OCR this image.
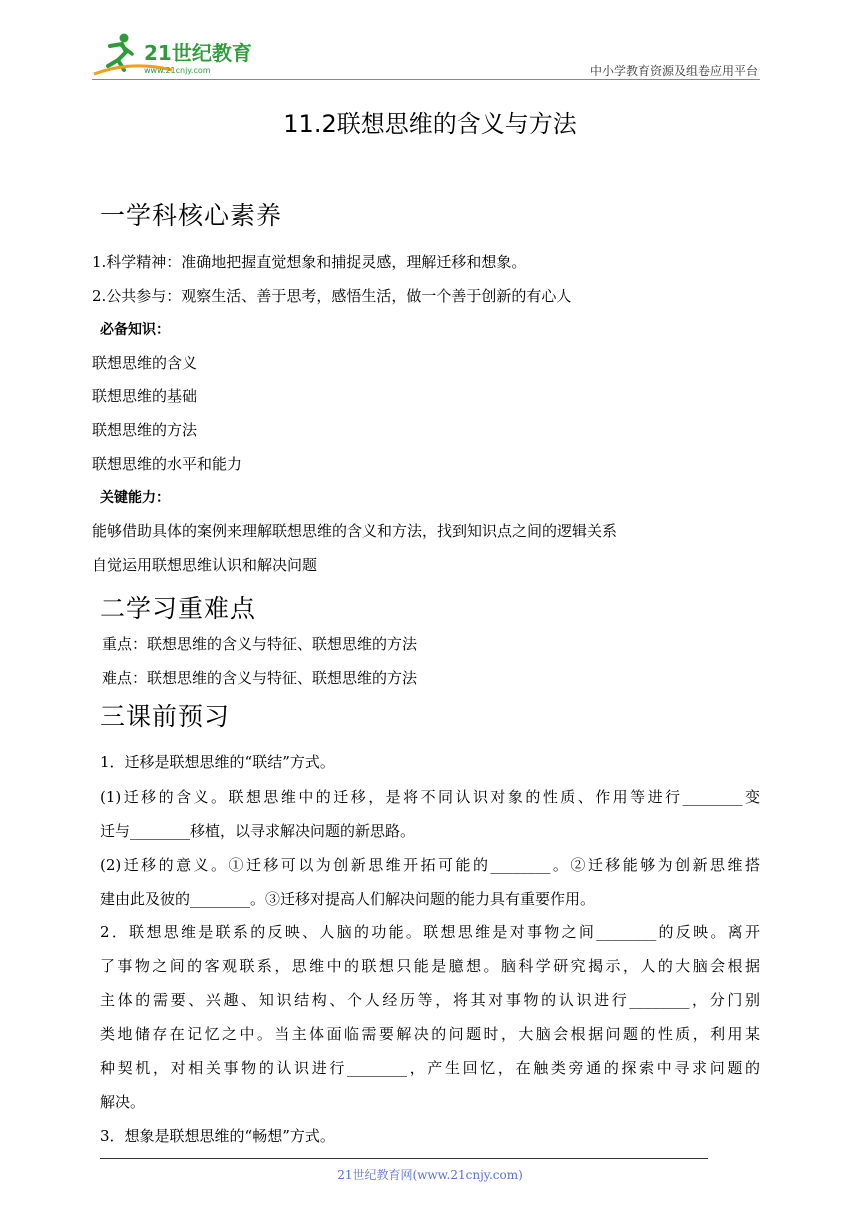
21世纪教育
www.21cnjy.com	中小学教育资源及组卷应用平台
11.2联想思维的含义与方法
一学科核心素养
1.科学精神：准确地把握直觉想象和捕捉灵感，理解迁移和想象。
2.公共参与：观察生活、善于思考，感悟生活，做一个善于创新的有心人
必备知识：
联想思维的含义
联想思维的基础
联想思维的方法
联想思维的水平和能力
关键能力：
能够借助具体的案例来理解联想思维的含义和方法，找到知识点之间的逻辑关系
自觉运用联想思维认识和解决问题
二学习重难点
重点：联想思维的含义与特征、联想思维的方法
难点：联想思维的含义与特征、联想思维的方法
三课前预习
1．迁移是联想思维的“联结”方式。
(1)迁移的含义。联想思维中的迁移，是将不同认识对象的性质、作用等进行________变
迁与________移植，以寻求解决问题的新思路。
(2)迁移的意义。①迁移可以为创新思维开拓可能的________。②迁移能够为创新思维搭
建由此及彼的________。③迁移对提高人们解决问题的能力具有重要作用。
2．联想思维是联系的反映、人脑的功能。联想思维是对事物之间________的反映。离开
了事物之间的客观联系，思维中的联想只能是臆想。脑科学研究揭示，人的大脑会根据
主体的需要、兴趣、知识结构、个人经历等，将其对事物的认识进行________，分门别
类地储存在记忆之中。当主体面临需要解决的问题时，大脑会根据问题的性质，利用某
种契机，对相关事物的认识进行________，产生回忆，在触类旁通的探索中寻求问题的
解决。
3．想象是联想思维的“畅想”方式。
21世纪教育网(www.21cnjy.com)
